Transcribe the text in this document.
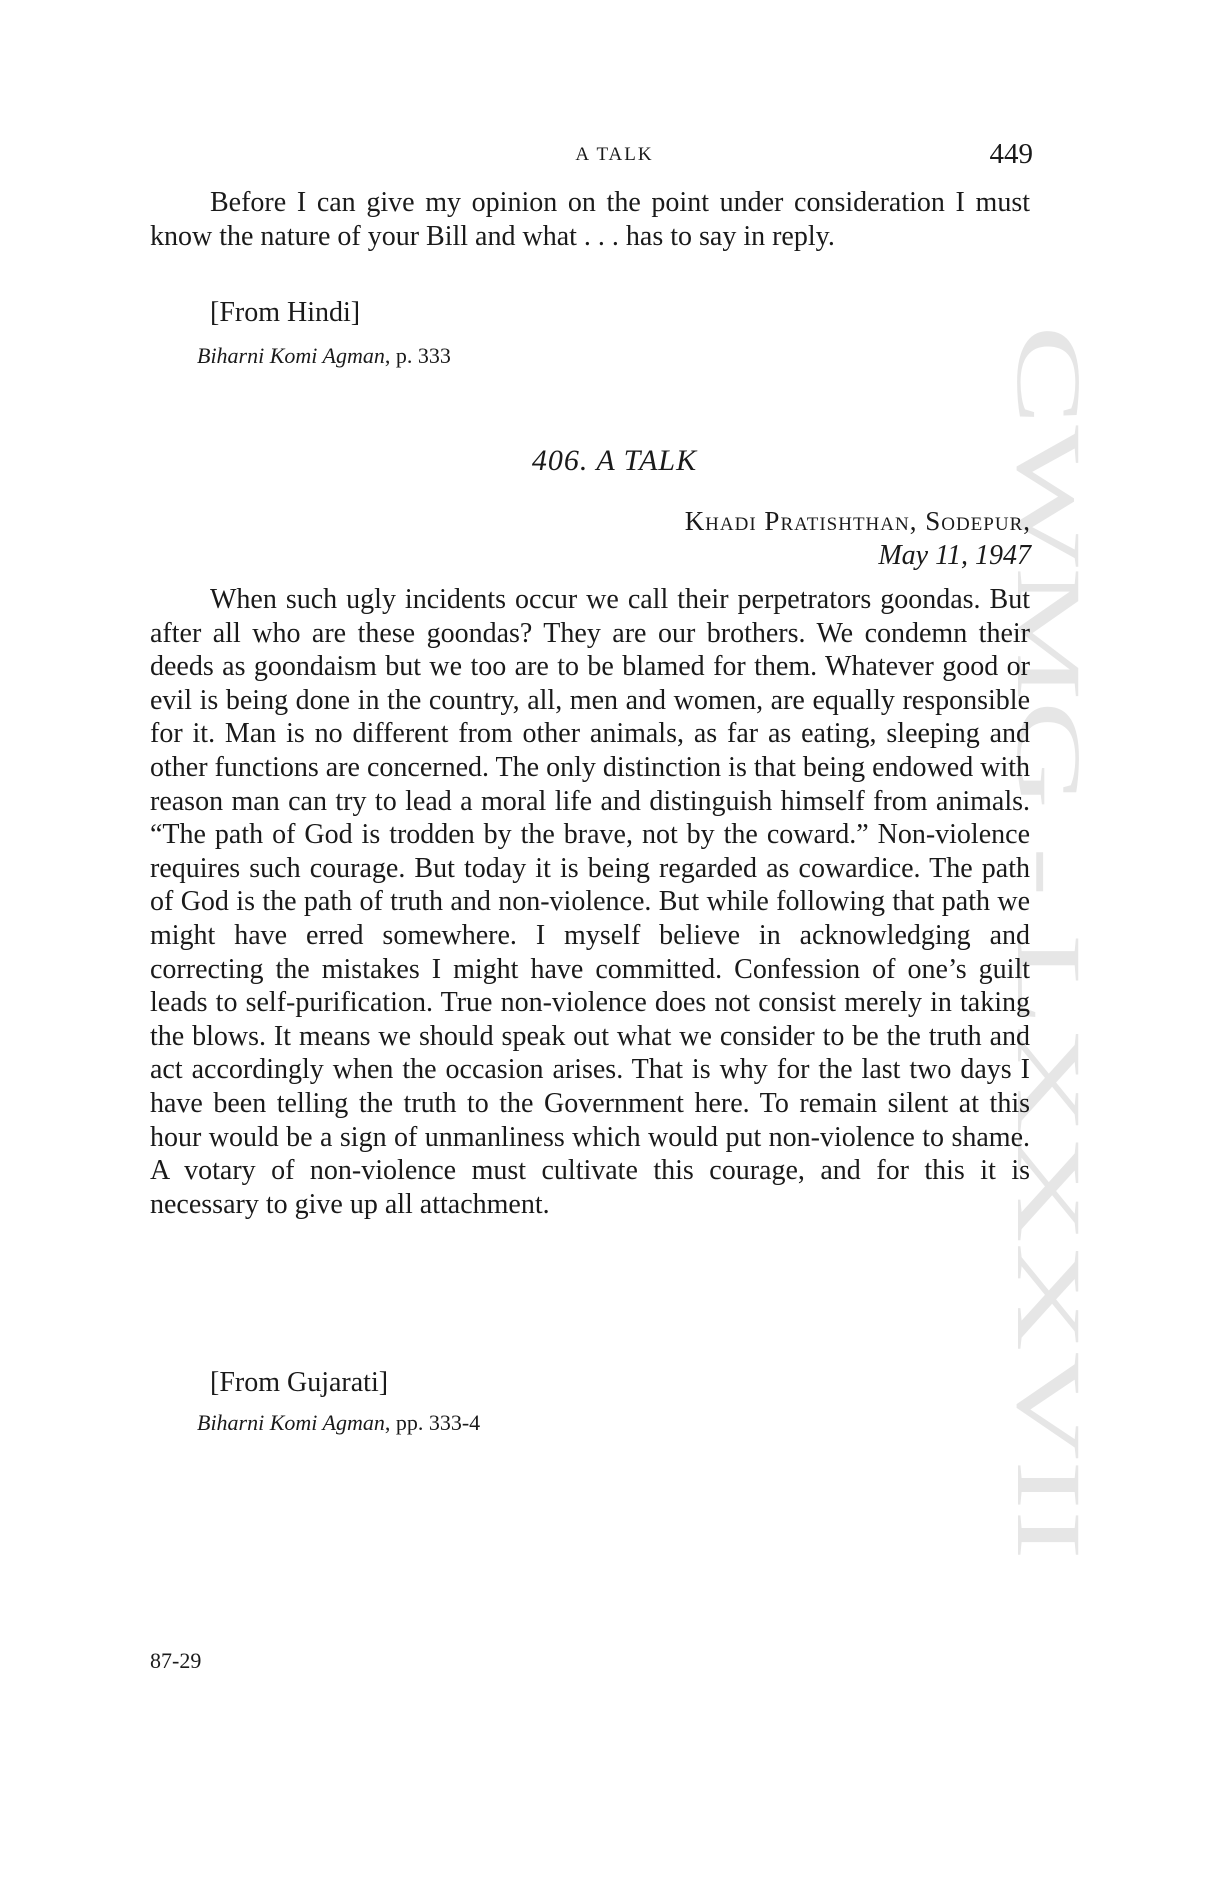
A TALK	449
CWMG - LXXXVII

Before I can give my opinion on the point under consideration I must know the nature of your Bill and what . . . has to say in reply.

[From Hindi]

Biharni Komi Agman, p. 333

406. A TALK

Khadi Pratishthan, Sodepur,

May 11, 1947

When such ugly incidents occur we call their perpetrators goondas. But after all who are these goondas? They are our brothers. We condemn their deeds as goondaism but we too are to be blamed for them. Whatever good or evil is being done in the country, all, men and women, are equally responsible for it. Man is no different from other animals, as far as eating, sleeping and other functions are concerned. The only distinction is that being endowed with reason man can try to lead a moral life and distinguish himself from animals. “The path of God is trodden by the brave, not by the coward.” Non-violence requires such courage. But today it is being regarded as cowardice. The path of God is the path of truth and non-violence. But while following that path we might have erred somewhere. I myself believe in acknowledging and correcting the mistakes I might have committed. Confession of one’s guilt leads to self-purification. True non-violence does not consist merely in taking the blows. It means we should speak out what we consider to be the truth and act accordingly when the occasion arises. That is why for the last two days I have been telling the truth to the Government here. To remain silent at this hour would be a sign of unmanliness which would put non-violence to shame. A votary of non-violence must cultivate this courage, and for this it is necessary to give up all attachment.

[From Gujarati]

Biharni Komi Agman, pp. 333-4

87-29
